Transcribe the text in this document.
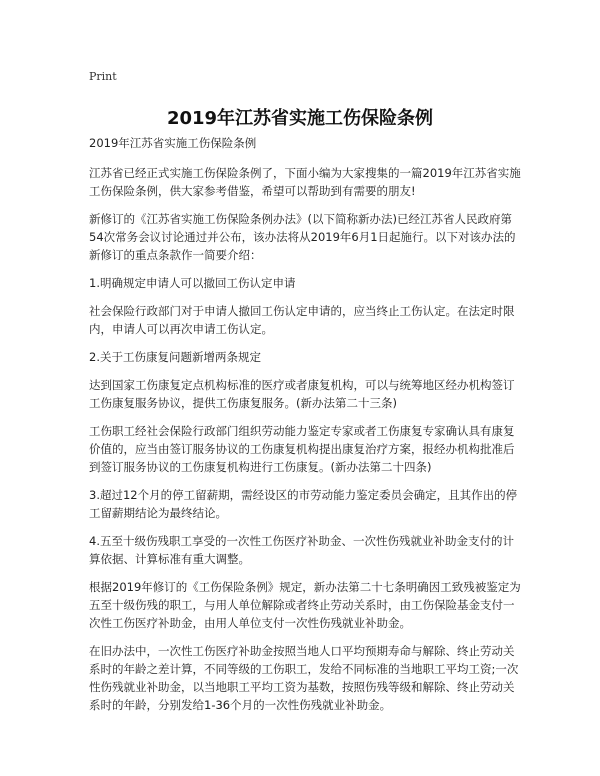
Print
2019年江苏省实施工伤保险条例

2019年江苏省实施工伤保险条例

江苏省已经正式实施工伤保险条例了，下面小编为大家搜集的一篇2019年江苏省实施工伤保险条例，供大家参考借鉴，希望可以帮助到有需要的朋友!

新修订的《江苏省实施工伤保险条例办法》(以下简称新办法)已经江苏省人民政府第54次常务会议讨论通过并公布，该办法将从2019年6月1日起施行。以下对该办法的新修订的重点条款作一简要介绍：

1.明确规定申请人可以撤回工伤认定申请

社会保险行政部门对于申请人撤回工伤认定申请的，应当终止工伤认定。在法定时限内，申请人可以再次申请工伤认定。

2.关于工伤康复问题新增两条规定

达到国家工伤康复定点机构标准的医疗或者康复机构，可以与统筹地区经办机构签订工伤康复服务协议，提供工伤康复服务。(新办法第二十三条)

工伤职工经社会保险行政部门组织劳动能力鉴定专家或者工伤康复专家确认具有康复价值的，应当由签订服务协议的工伤康复机构提出康复治疗方案，报经办机构批准后到签订服务协议的工伤康复机构进行工伤康复。(新办法第二十四条)

3.超过12个月的停工留薪期，需经设区的市劳动能力鉴定委员会确定，且其作出的停工留薪期结论为最终结论。

4.五至十级伤残职工享受的一次性工伤医疗补助金、一次性伤残就业补助金支付的计算依据、计算标准有重大调整。

根据2019年修订的《工伤保险条例》规定，新办法第二十七条明确因工致残被鉴定为五至十级伤残的职工，与用人单位解除或者终止劳动关系时，由工伤保险基金支付一次性工伤医疗补助金，由用人单位支付一次性伤残就业补助金。

在旧办法中，一次性工伤医疗补助金按照当地人口平均预期寿命与解除、终止劳动关系时的年龄之差计算，不同等级的工伤职工，发给不同标准的当地职工平均工资;一次性伤残就业补助金，以当地职工平均工资为基数，按照伤残等级和解除、终止劳动关系时的年龄，分别发给1-36个月的一次性伤残就业补助金。
